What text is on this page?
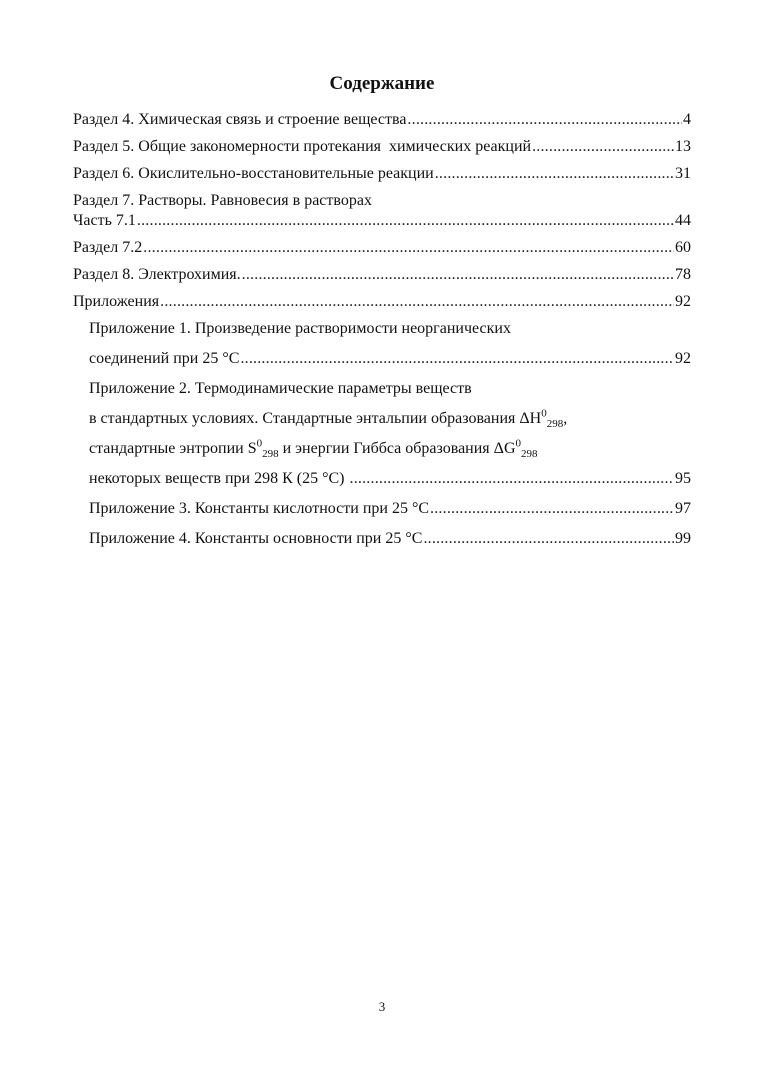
Содержание
Раздел 4. Химическая связь и строение вещества .....	4
Раздел 5. Общие закономерности протекания  химических реакций .....	13
Раздел 6. Окислительно-восстановительные реакции .....	31
Раздел 7. Растворы. Равновесия в растворах
Часть 7.1 .....	44
Раздел 7.2 .....	60
Раздел 8. Электрохимия. .....	78
Приложения .....	92
Приложение 1. Произведение растворимости неорганических
соединений при 25 °C .....	92
Приложение 2. Термодинамические параметры веществ
в стандартных условиях. Стандартные энтальпии образования $\Delta H^0_{298}$,
стандартные энтропии $S^0_{298}$ и энергии Гиббса образования $\Delta G^0_{298}$
некоторых веществ при 298 К (25 °C) .....	95
Приложение 3. Константы кислотности при 25 °C .....	97
Приложение 4. Константы основности при 25 °C .....	99
3
